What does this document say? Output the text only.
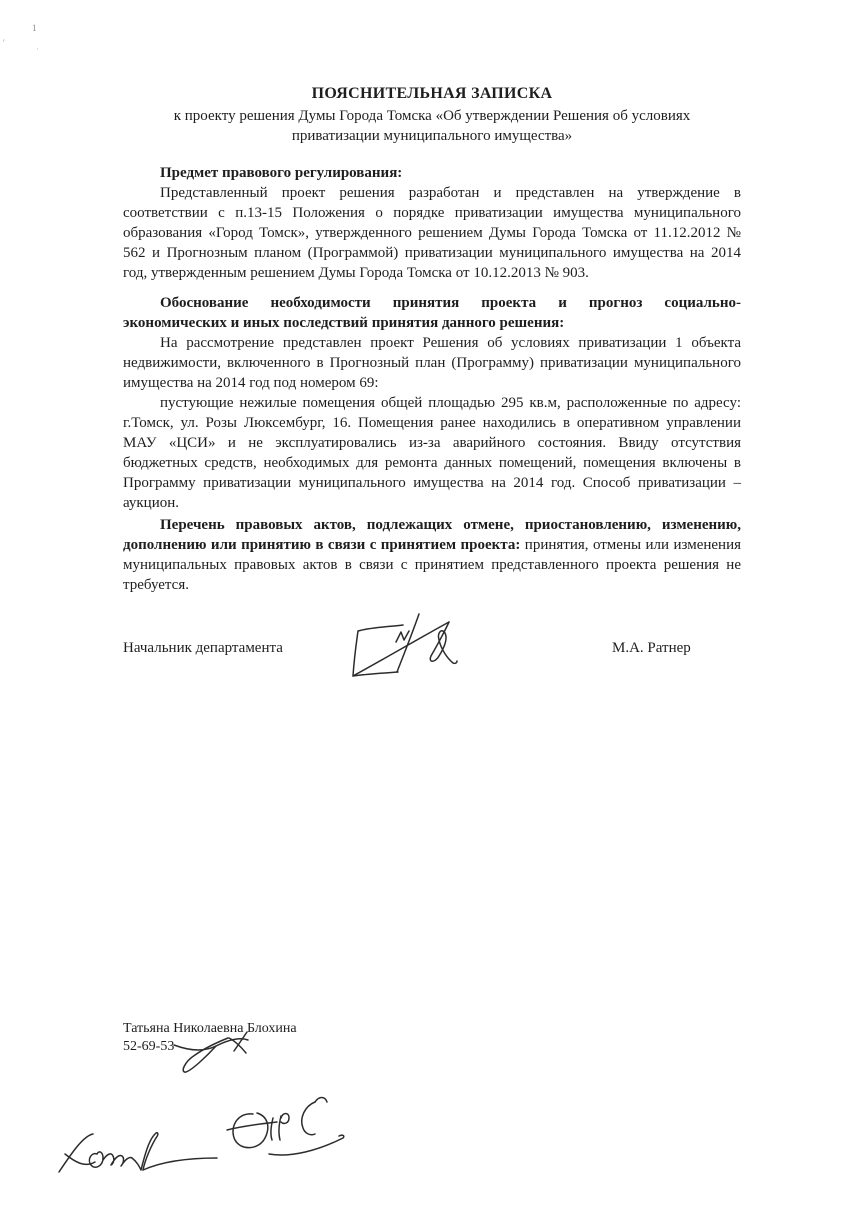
1
·
'
ПОЯСНИТЕЛЬНАЯ ЗАПИСКА
к проекту решения Думы Города Томска «Об утверждении Решения об условиях
приватизации муниципального имущества»

Предмет правового регулирования:

Представленный проект решения разработан и представлен на утверждение в соответствии с п.13-15 Положения о порядке приватизации имущества муниципального образования «Город Томск», утвержденного решением Думы Города Томска от 11.12.2012 № 562 и Прогнозным планом (Программой) приватизации муниципального имущества на 2014 год, утвержденным решением Думы Города Томска от 10.12.2013 № 903.

Обоснование необходимости принятия проекта и прогноз социально-
экономических и иных последствий принятия данного решения:

На рассмотрение представлен проект Решения об условиях приватизации 1 объекта недвижимости, включенного в Прогнозный план (Программу) приватизации муниципального имущества на 2014 год под номером 69:

пустующие нежилые помещения общей площадью 295 кв.м, расположенные по адресу: г.Томск, ул. Розы Люксембург, 16. Помещения ранее находились в оперативном управлении МАУ «ЦСИ» и не эксплуатировались из-за аварийного состояния. Ввиду отсутствия бюджетных средств, необходимых для ремонта данных помещений, помещения включены в Программу приватизации муниципального имущества на 2014 год. Способ приватизации – аукцион.

Перечень правовых актов, подлежащих отмене, приостановлению, изменению, дополнению или принятию в связи с принятием проекта: принятия, отмены или изменения муниципальных правовых актов в связи с принятием представленного проекта решения не требуется.

Начальник департамента	М.А. Ратнер
Татьяна Николаевна Блохина
52-69-53
